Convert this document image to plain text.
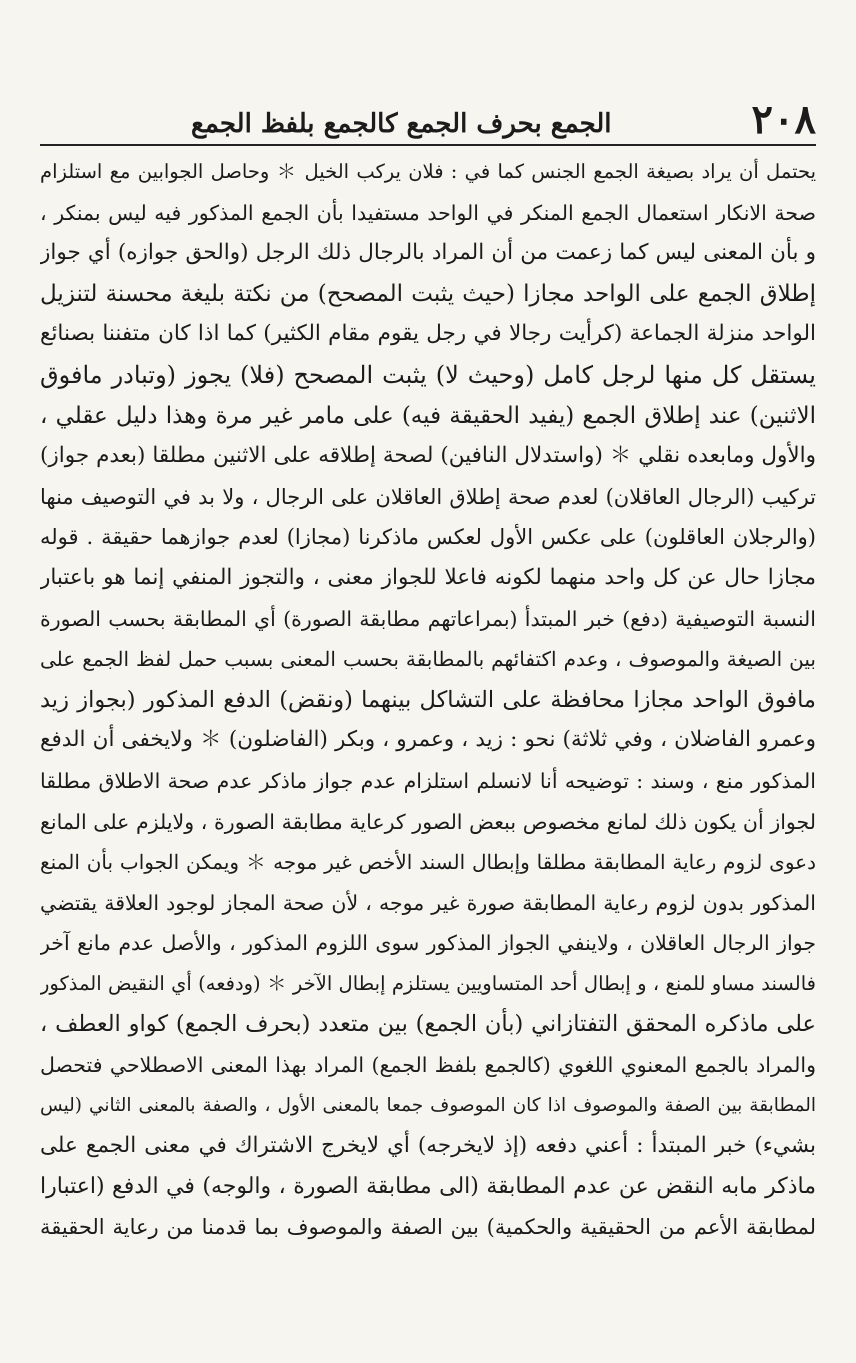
٢٠٨
الجمع بحرف الجمع كالجمع بلفظ الجمع
يحتمل أن يراد بصيغة الجمع الجنس كما في : فلان يركب الخيل ＊ وحاصل الجوابين مع استلزام
صحة الانكار استعمال الجمع المنكر في الواحد مستفيدا بأن الجمع المذكور فيه ليس بمنكر ،
و بأن المعنى ليس كما زعمت من أن المراد بالرجال ذلك الرجل (والحق جوازه) أي جواز
إطلاق الجمع على الواحد مجازا (حيث يثبت المصحح) من نكتة بليغة محسنة لتنزيل
الواحد منزلة الجماعة (كرأيت رجالا في رجل يقوم مقام الكثير) كما اذا كان متفننا بصنائع
يستقل كل منها لرجل كامل (وحيث لا) يثبت المصحح (فلا) يجوز (وتبادر مافوق
الاثنين) عند إطلاق الجمع (يفيد الحقيقة فيه) على مامر غير مرة وهذا دليل عقلي ،
والأول ومابعده نقلي ＊ (واستدلال النافين) لصحة إطلاقه على الاثنين مطلقا (بعدم جواز)
تركيب (الرجال العاقلان) لعدم صحة إطلاق العاقلان على الرجال ، ولا بد في التوصيف منها
(والرجلان العاقلون) على عكس الأول لعكس ماذكرنا (مجازا) لعدم جوازهما حقيقة . قوله
مجازا حال عن كل واحد منهما لكونه فاعلا للجواز معنى ، والتجوز المنفي إنما هو باعتبار
النسبة التوصيفية (دفع) خبر المبتدأ (بمراعاتهم مطابقة الصورة) أي المطابقة بحسب الصورة
بين الصيغة والموصوف ، وعدم اكتفائهم بالمطابقة بحسب المعنى بسبب حمل لفظ الجمع على
مافوق الواحد مجازا محافظة على التشاكل بينهما (ونقض) الدفع المذكور (بجواز زيد
وعمرو الفاضلان ، وفي ثلاثة) نحو : زيد ، وعمرو ، وبكر (الفاضلون) ＊ ولايخفى أن الدفع
المذكور منع ، وسند : توضيحه أنا لانسلم استلزام عدم جواز ماذكر عدم صحة الاطلاق مطلقا
لجواز أن يكون ذلك لمانع مخصوص ببعض الصور كرعاية مطابقة الصورة ، ولايلزم على المانع
دعوى لزوم رعاية المطابقة مطلقا وإبطال السند الأخص غير موجه ＊ ويمكن الجواب بأن المنع
المذكور بدون لزوم رعاية المطابقة صورة غير موجه ، لأن صحة المجاز لوجود العلاقة يقتضي
جواز الرجال العاقلان ، ولاينفي الجواز المذكور سوى اللزوم المذكور ، والأصل عدم مانع آخر
فالسند مساو للمنع ، و إبطال أحد المتساويين يستلزم إبطال الآخر ＊ (ودفعه) أي النقيض المذكور
على ماذكره المحقق التفتازاني (بأن الجمع) بين متعدد (بحرف الجمع) كواو العطف ،
والمراد بالجمع المعنوي اللغوي (كالجمع بلفظ الجمع) المراد بهذا المعنى الاصطلاحي فتحصل
المطابقة بين الصفة والموصوف اذا كان الموصوف جمعا بالمعنى الأول ، والصفة بالمعنى الثاني (ليس
بشيء) خبر المبتدأ : أعني دفعه (إذ لايخرجه) أي لايخرج الاشتراك في معنى الجمع على
ماذكر مابه النقض عن عدم المطابقة (الى مطابقة الصورة ، والوجه) في الدفع (اعتبارا
لمطابقة الأعم من الحقيقية والحكمية) بين الصفة والموصوف بما قدمنا من رعاية الحقيقة
